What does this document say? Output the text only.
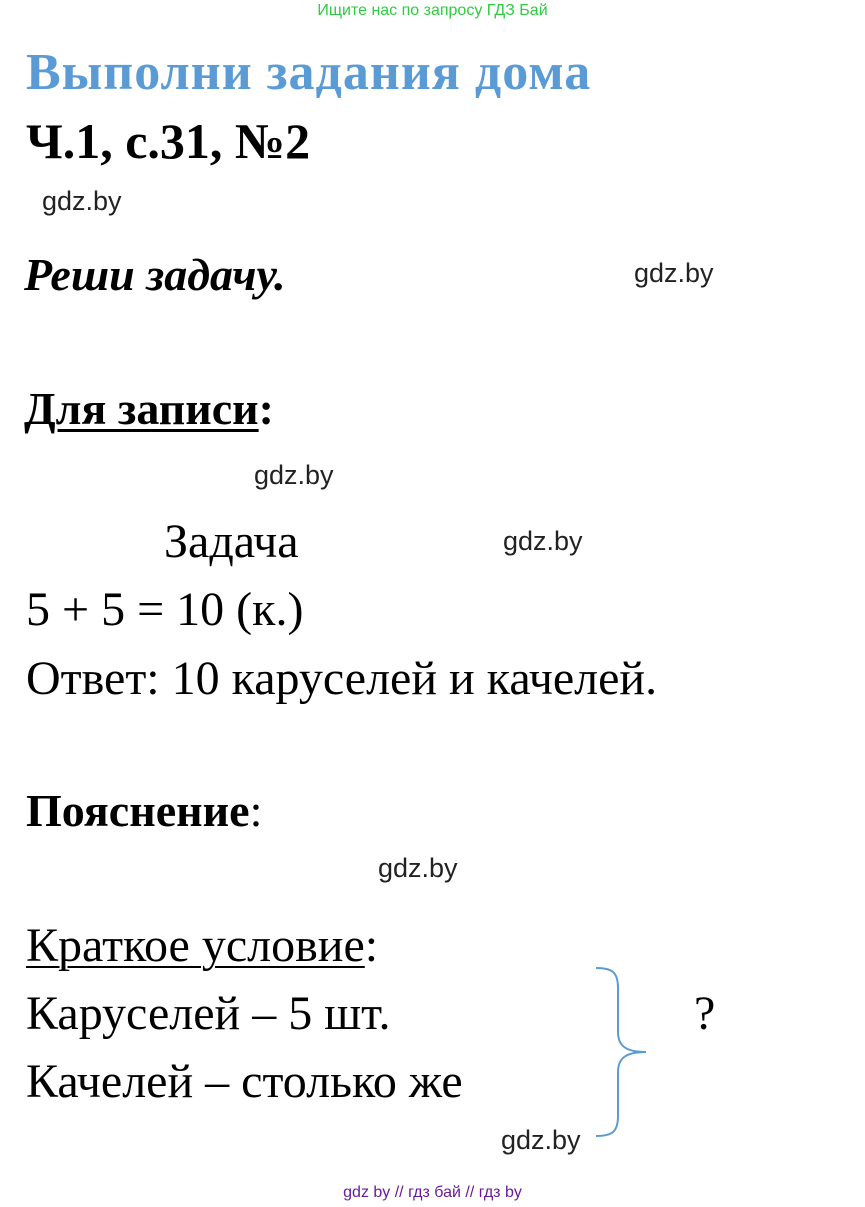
Ищите нас по запросу ГДЗ Бай
Выполни задания дома
Ч.1, с.31, №2
gdz.by
Реши задачу.	gdz.by
Для записи:
gdz.by
Задача	gdz.by
5 + 5 = 10 (к.)
Ответ: 10 каруселей и качелей.
Пояснение:
gdz.by
Краткое условие:
Каруселей – 5 шт.
Качелей – столько же
?
gdz.by
gdz by // гдз бай // гдз by
